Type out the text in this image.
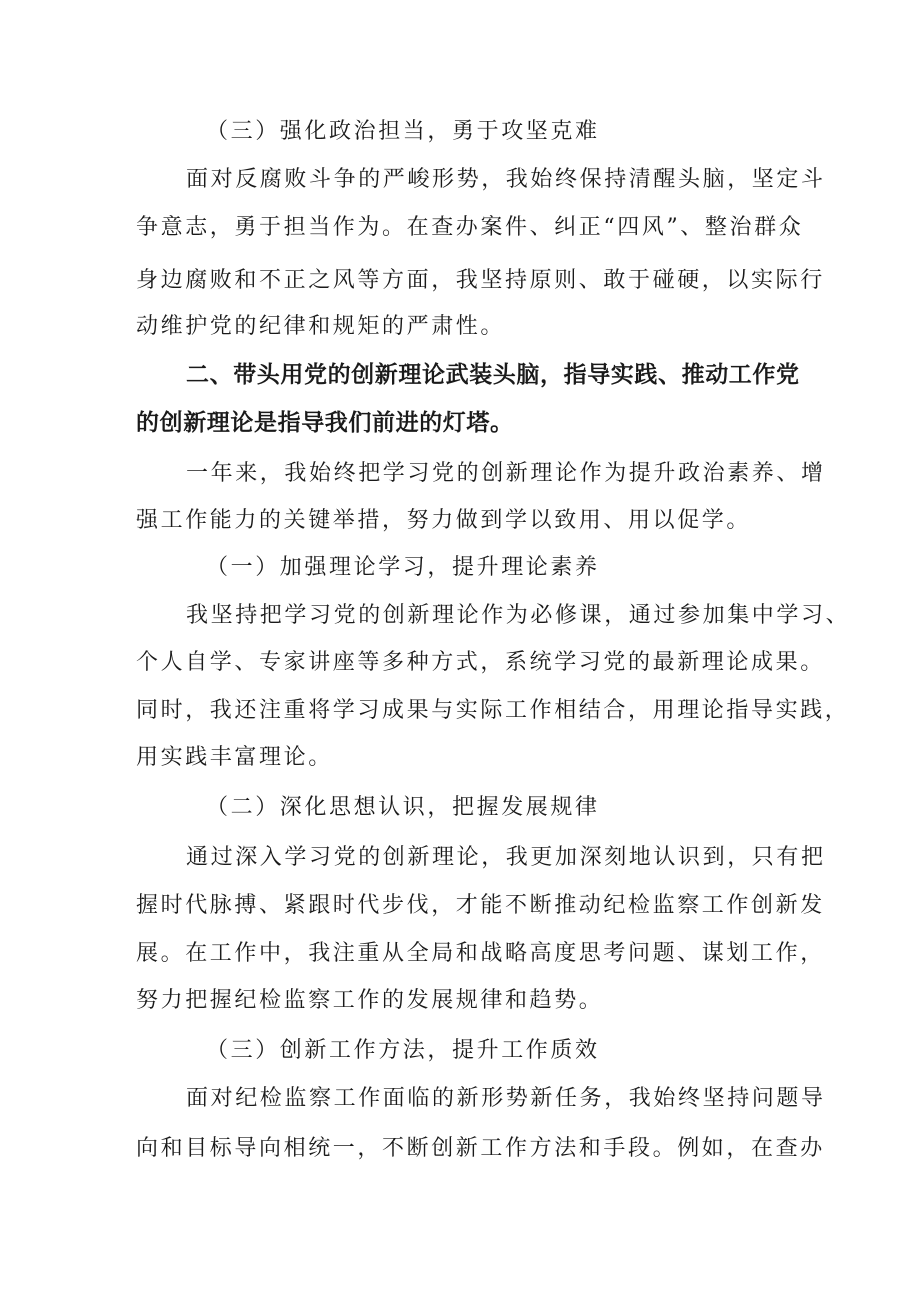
（三）强化政治担当，勇于攻坚克难
面对反腐败斗争的严峻形势，我始终保持清醒头脑，坚定斗
争意志，勇于担当作为。在查办案件、纠正“四风”、整治群众
身边腐败和不正之风等方面，我坚持原则、敢于碰硬，以实际行
动维护党的纪律和规矩的严肃性。
二、带头用党的创新理论武装头脑，指导实践、推动工作党
的创新理论是指导我们前进的灯塔。
一年来，我始终把学习党的创新理论作为提升政治素养、增
强工作能力的关键举措，努力做到学以致用、用以促学。
（一）加强理论学习，提升理论素养
我坚持把学习党的创新理论作为必修课，通过参加集中学习、
个人自学、专家讲座等多种方式，系统学习党的最新理论成果。
同时，我还注重将学习成果与实际工作相结合，用理论指导实践，
用实践丰富理论。
（二）深化思想认识，把握发展规律
通过深入学习党的创新理论，我更加深刻地认识到，只有把
握时代脉搏、紧跟时代步伐，才能不断推动纪检监察工作创新发
展。在工作中，我注重从全局和战略高度思考问题、谋划工作，
努力把握纪检监察工作的发展规律和趋势。
（三）创新工作方法，提升工作质效
面对纪检监察工作面临的新形势新任务，我始终坚持问题导
向和目标导向相统一，不断创新工作方法和手段。例如，在查办
